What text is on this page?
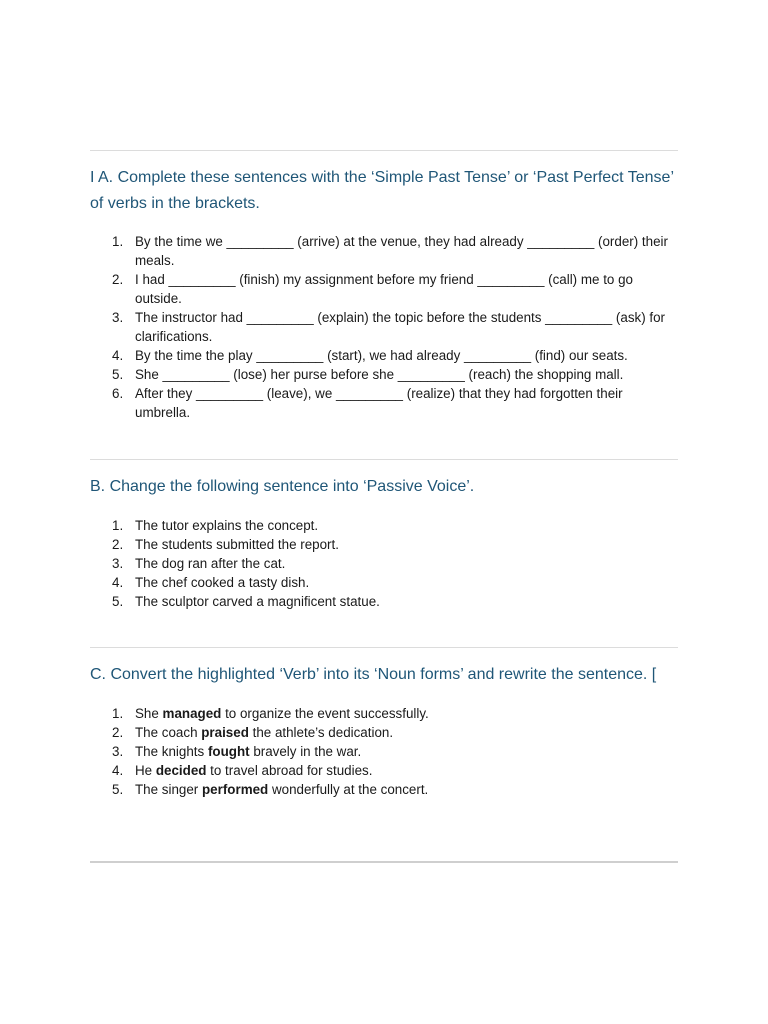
I A. Complete these sentences with the ‘Simple Past Tense’ or ‘Past Perfect Tense’ of verbs in the brackets.
1. By the time we _________ (arrive) at the venue, they had already _________ (order) their meals.
2. I had _________ (finish) my assignment before my friend _________ (call) me to go outside.
3. The instructor had _________ (explain) the topic before the students _________ (ask) for clarifications.
4. By the time the play _________ (start), we had already _________ (find) our seats.
5. She _________ (lose) her purse before she _________ (reach) the shopping mall.
6. After they _________ (leave), we _________ (realize) that they had forgotten their umbrella.
B. Change the following sentence into ‘Passive Voice’.
1. The tutor explains the concept.
2. The students submitted the report.
3. The dog ran after the cat.
4. The chef cooked a tasty dish.
5. The sculptor carved a magnificent statue.
C. Convert the highlighted ‘Verb’ into its ‘Noun forms’ and rewrite the sentence. [
1. She managed to organize the event successfully.
2. The coach praised the athlete’s dedication.
3. The knights fought bravely in the war.
4. He decided to travel abroad for studies.
5. The singer performed wonderfully at the concert.
